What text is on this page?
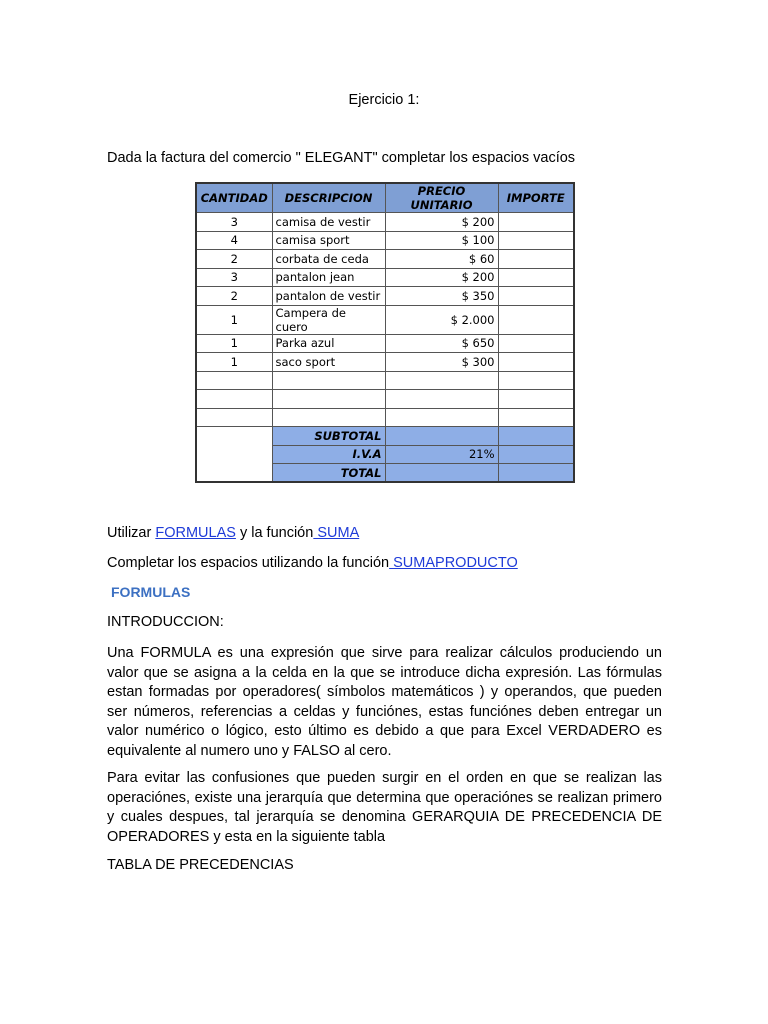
Ejercicio 1:
Dada la factura del comercio " ELEGANT" completar los espacios vacíos
CANTIDAD	DESCRIPCION	PRECIO UNITARIO	IMPORTE
3	camisa de vestir	$ 200	
4	camisa sport	$ 100	
2	corbata de ceda	$ 60	
3	pantalon jean	$ 200	
2	pantalon de vestir	$ 350	
1	Campera de cuero	$ 2.000	
1	Parka azul	$ 650	
1	saco sport	$ 300	

	SUBTOTAL		
	I.V.A	21%	
	TOTAL		
Utilizar FORMULAS y la función SUMA
Completar los espacios utilizando la función SUMAPRODUCTO
FORMULAS
INTRODUCCION:
Una FORMULA es una expresión que sirve para realizar cálculos produciendo un valor que se asigna a la celda en la que se introduce dicha expresión. Las fórmulas estan formadas por operadores( símbolos matemáticos ) y operandos, que pueden ser números, referencias a celdas y funciónes, estas funciónes deben entregar un valor numérico o lógico, esto último es debido a que para Excel VERDADERO es equivalente al numero uno y FALSO al cero.
Para evitar las confusiones que pueden surgir en el orden en que se realizan las operaciónes, existe una jerarquía que determina que operaciónes se realizan primero y cuales despues, tal jerarquía se denomina GERARQUIA DE PRECEDENCIA DE OPERADORES y esta en la siguiente tabla
TABLA DE PRECEDENCIAS
